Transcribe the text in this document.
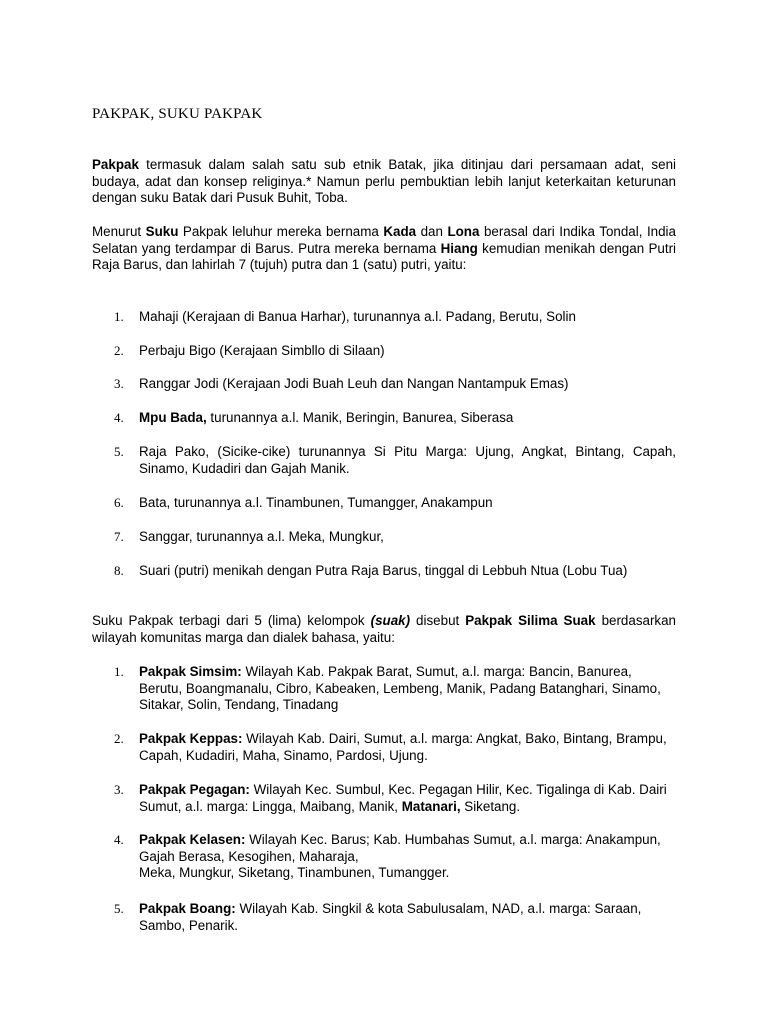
PAKPAK, SUKU PAKPAK
Pakpak termasuk dalam salah satu sub etnik Batak, jika ditinjau dari persamaan adat, seni budaya, adat dan konsep religinya.* Namun perlu pembuktian lebih lanjut keterkaitan keturunan dengan suku Batak dari Pusuk Buhit, Toba.
Menurut Suku Pakpak leluhur mereka bernama Kada dan Lona berasal dari Indika Tondal, India Selatan yang terdampar di Barus. Putra mereka bernama Hiang kemudian menikah dengan Putri Raja Barus, dan lahirlah 7 (tujuh) putra dan 1 (satu) putri, yaitu:
1.	Mahaji (Kerajaan di Banua Harhar), turunannya a.l. Padang, Berutu, Solin
2.	Perbaju Bigo (Kerajaan Simbllo di Silaan)
3.	Ranggar Jodi (Kerajaan Jodi Buah Leuh dan Nangan Nantampuk Emas)
4.	Mpu Bada, turunannya a.l. Manik, Beringin, Banurea, Siberasa
5.	Raja Pako, (Sicike-cike) turunannya Si Pitu Marga: Ujung, Angkat, Bintang, Capah, Sinamo, Kudadiri dan Gajah Manik.
6.	Bata, turunannya a.l. Tinambunen, Tumangger, Anakampun
7.	Sanggar, turunannya a.l. Meka, Mungkur,
8.	Suari (putri) menikah dengan Putra Raja Barus, tinggal di Lebbuh Ntua (Lobu Tua)
Suku Pakpak terbagi dari 5 (lima) kelompok (suak) disebut Pakpak Silima Suak berdasarkan wilayah komunitas marga dan dialek bahasa, yaitu:
1.	Pakpak Simsim: Wilayah Kab. Pakpak Barat, Sumut, a.l. marga: Bancin, Banurea, Berutu, Boangmanalu, Cibro, Kabeaken, Lembeng, Manik, Padang Batanghari, Sinamo, Sitakar, Solin, Tendang, Tinadang
2.	Pakpak Keppas: Wilayah Kab. Dairi, Sumut, a.l. marga: Angkat, Bako, Bintang, Brampu, Capah, Kudadiri, Maha, Sinamo, Pardosi, Ujung.
3.	Pakpak Pegagan: Wilayah Kec. Sumbul, Kec. Pegagan Hilir, Kec. Tigalinga di Kab. Dairi Sumut, a.l. marga: Lingga, Maibang, Manik, Matanari, Siketang.
4.	Pakpak Kelasen: Wilayah Kec. Barus; Kab. Humbahas Sumut, a.l. marga: Anakampun, Gajah Berasa, Kesogihen, Maharaja,
Meka, Mungkur, Siketang, Tinambunen, Tumangger.
5.	Pakpak Boang: Wilayah Kab. Singkil & kota Sabulusalam, NAD, a.l. marga: Saraan, Sambo, Penarik.
